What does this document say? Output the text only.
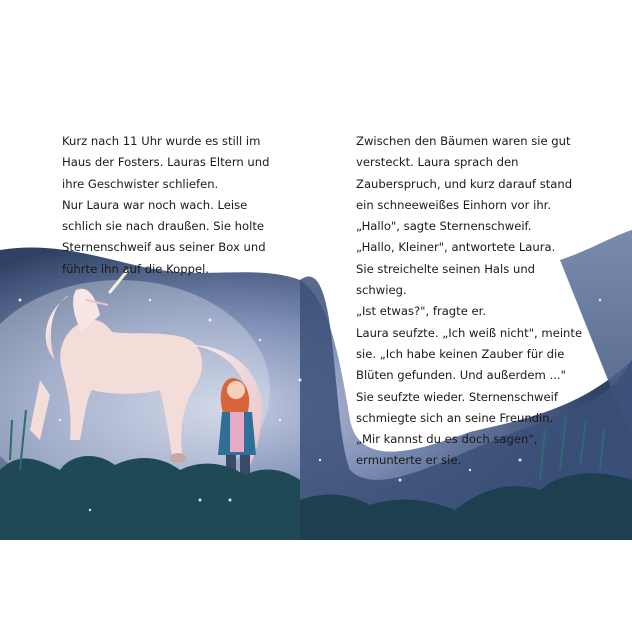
Kurz nach 11 Uhr wurde es still im
Haus der Fosters. Lauras Eltern und
ihre Geschwister schliefen.
Nur Laura war noch wach. Leise
schlich sie nach draußen. Sie holte
Sternenschweif aus seiner Box und
führte ihn auf die Koppel.
Zwischen den Bäumen waren sie gut
versteckt. Laura sprach den
Zauberspruch, und kurz darauf stand
ein schneeweißes Einhorn vor ihr.
„Hallo", sagte Sternenschweif.
„Hallo, Kleiner", antwortete Laura.
Sie streichelte seinen Hals und
schwieg.
„Ist etwas?", fragte er.
Laura seufzte. „Ich weiß nicht", meinte
sie. „Ich habe keinen Zauber für die
Blüten gefunden. Und außerdem ..."
Sie seufzte wieder. Sternenschweif
schmiegte sich an seine Freundin.
„Mir kannst du es doch sagen",
ermunterte er sie.
